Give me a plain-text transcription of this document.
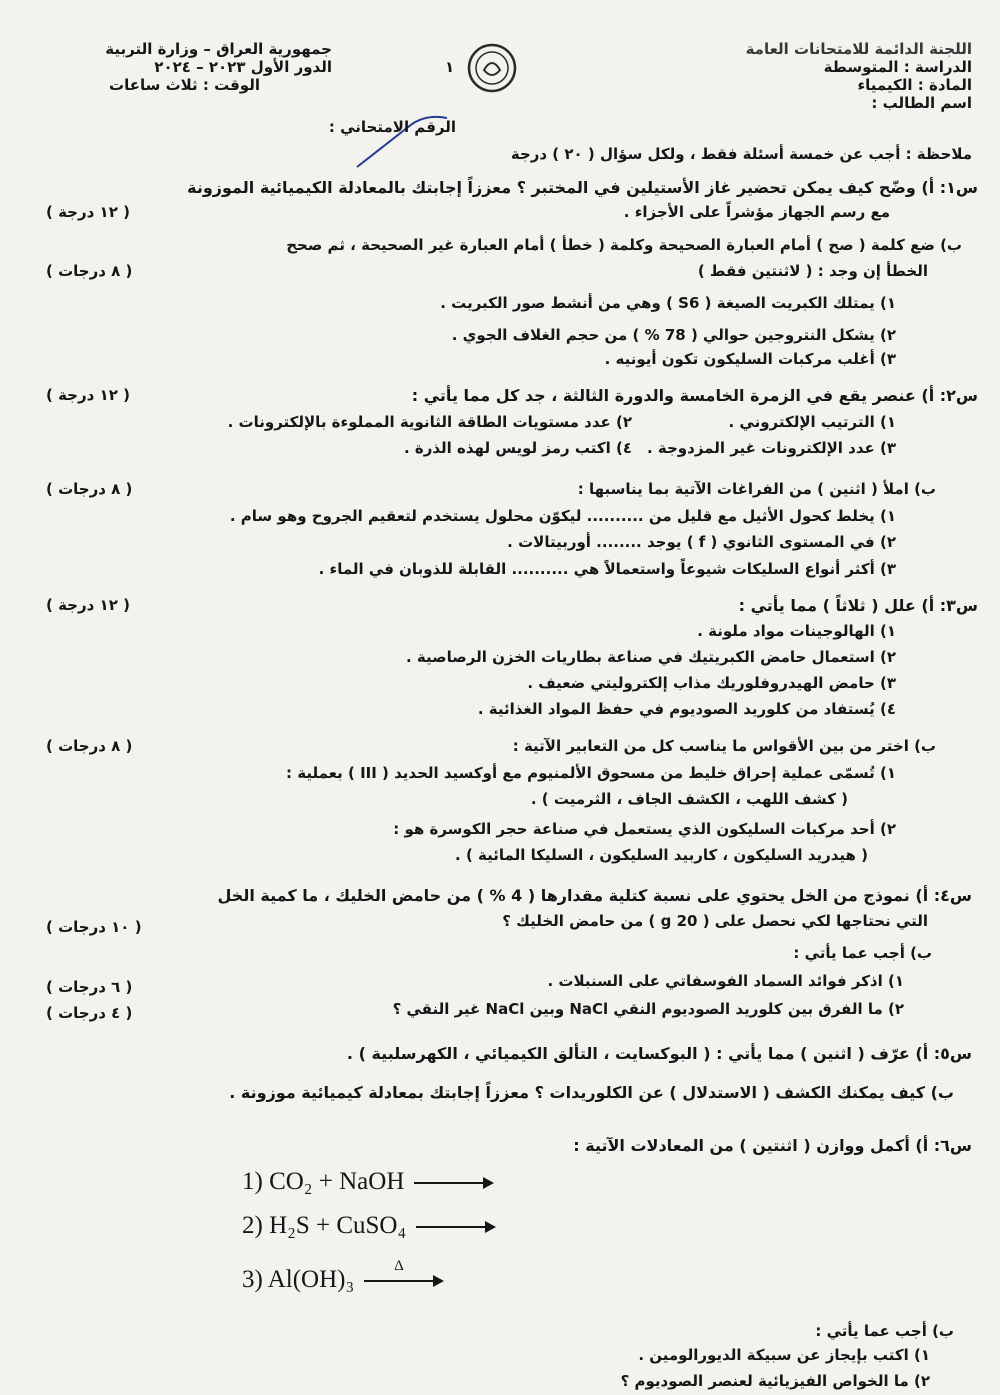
جمهورية العراق – وزارة التربية
الدور الأول ٢٠٢٣ – ٢٠٢٤
الوقت : ثلاث ساعات
اللجنة الدائمة للامتحانات العامة
الدراسة : المتوسطة
المادة : الكيمياء
اسم الطالب :
١
الرقم الامتحاني :
ملاحظة : أجب عن خمسة أسئلة فقط ، ولكل سؤال ( ٢٠ ) درجة
س١: أ) وضّح كيف يمكن تحضير غاز الأستيلين في المختبر ؟ معززاً إجابتك بالمعادلة الكيميائية الموزونة
مع رسم الجهاز مؤشراً على الأجزاء .
( ١٢ درجة )
ب) ضع كلمة ( صح ) أمام العبارة الصحيحة وكلمة ( خطأ ) أمام العبارة غير الصحيحة ، ثم صحح
الخطأ إن وجد : ( لاثنتين فقط )
( ٨ درجات )
١) يمتلك الكبريت الصيغة ( S6 ) وهي من أنشط صور الكبريت .
٢) يشكل النتروجين حوالي ( 78 % ) من حجم الغلاف الجوي .
٣) أغلب مركبات السليكون تكون أيونيه .
س٢: أ) عنصر يقع في الزمرة الخامسة والدورة الثالثة ، جد كل مما يأتي :
( ١٢ درجة )
١) الترتيب الإلكتروني .
٢) عدد مستويات الطاقة الثانوية المملوءة بالإلكترونات .
٣) عدد الإلكترونات غير المزدوجة .
٤) اكتب رمز لويس لهذه الذرة .
ب) املأ ( اثنين ) من الفراغات الآتية بما يناسبها :
( ٨ درجات )
١) يخلط كحول الأثيل مع قليل من .......... ليكوّن محلول يستخدم لتعقيم الجروح وهو سام .
٢) في المستوى الثانوي ( f ) يوجد ........ أوربيتالات .
٣) أكثر أنواع السليكات شيوعاً واستعمالاً هي .......... القابلة للذوبان في الماء .
س٣: أ) علل ( ثلاثاً ) مما يأتي :
( ١٢ درجة )
١) الهالوجينات مواد ملونة .
٢) استعمال حامض الكبريتيك في صناعة بطاريات الخزن الرصاصية .
٣) حامض الهيدروفلوريك مذاب إلكتروليتي ضعيف .
٤) يُستفاد من كلوريد الصوديوم في حفظ المواد الغذائية .
ب) اختر من بين الأقواس ما يناسب كل من التعابير الآتية :
( ٨ درجات )
١) تُسمّى عملية إحراق خليط من مسحوق الألمنيوم مع أوكسيد الحديد ( III ) بعملية :
( كشف اللهب ، الكشف الجاف ، الثرميت ) .
٢) أحد مركبات السليكون الذي يستعمل في صناعة حجر الكوسرة هو :
( هيدريد السليكون ، كاربيد السليكون ، السليكا المائية ) .
س٤: أ) نموذج من الخل يحتوي على نسبة كتلية مقدارها ( 4 % ) من حامض الخليك ، ما كمية الخل
التي نحتاجها لكي نحصل على ( 20 g ) من حامض الخليك ؟
( ١٠ درجات )
ب) أجب عما يأتي :
١) اذكر فوائد السماد الفوسفاتي على السنبلات .
( ٦ درجات )
٢) ما الفرق بين كلوريد الصوديوم النقي NaCl وبين NaCl غير النقي ؟
( ٤ درجات )
س٥: أ) عرّف ( اثنين ) مما يأتي : ( البوكسايت ، التألق الكيميائي ، الكهرسلبية ) .
ب) كيف يمكنك الكشف ( الاستدلال ) عن الكلوريدات ؟ معززاً إجابتك بمعادلة كيميائية موزونة .
س٦: أ) أكمل ووازن ( اثنتين ) من المعادلات الآتية :
1) CO₂ + NaOH →
2) H₂S + CuSO₄ →
3) Al(OH)₃	Δ
ب) أجب عما يأتي :
١) اكتب بإيجاز عن سبيكة الديورالومين .
٢) ما الخواص الفيزيائية لعنصر الصوديوم ؟
